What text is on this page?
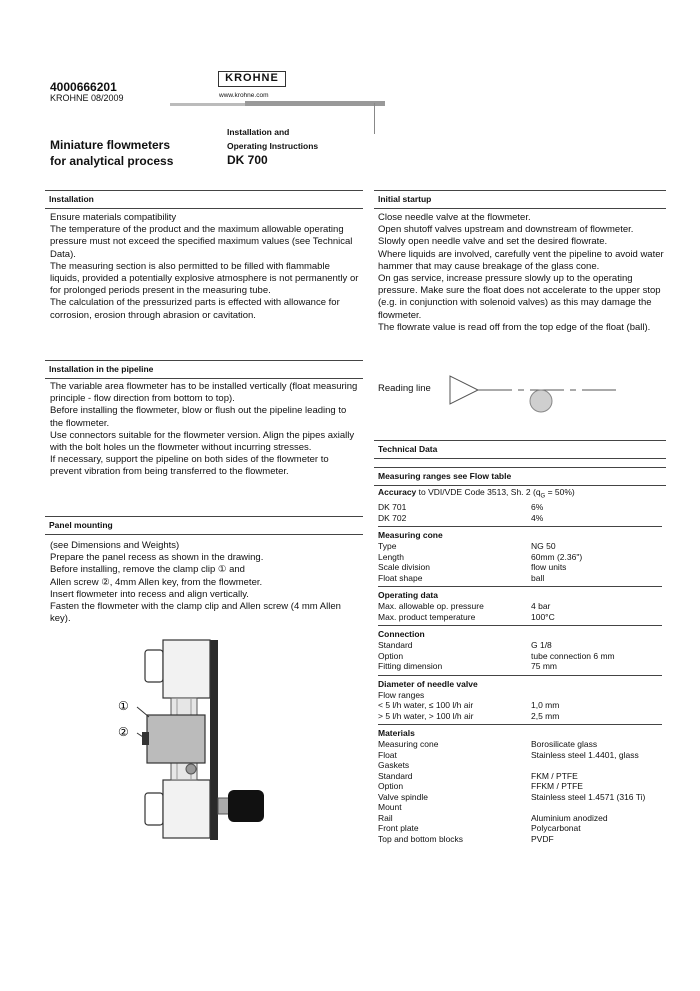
4000666201
KROHNE 08/2009
KROHNE
www.krohne.com
Miniature flowmeters
for analytical process
Installation and
Operating Instructions
DK 700
Installation

Ensure materials compatibility

The temperature of the product and the maximum allowable operating pressure must not exceed the specified maximum values (see Technical Data).

The measuring section is also permitted to be filled with flammable liquids, provided a potentially explosive atmosphere is not permanently or for prolonged periods present in the measuring tube.

The calculation of the pressurized parts is effected with allowance for corrosion, erosion through abrasion or cavitation.

Installation in the pipeline

The variable area flowmeter has to be installed vertically (float measuring principle - flow direction from bottom to top).

Before installing the flowmeter, blow or flush out the pipeline leading to the flowmeter.

Use connectors suitable for the flowmeter version. Align the pipes axially with the bolt holes un the flowmeter without incurring stresses.

If necessary, support the pipeline on both sides of the flowmeter to prevent vibration from being transferred to the flowmeter.

Panel mounting

(see Dimensions and Weights)

Prepare the panel recess as shown in the drawing.

Before installing, remove the clamp clip ① and

Allen screw ②, 4mm Allen key, from the flowmeter.

Insert flowmeter into recess and align vertically.

Fasten the flowmeter with the clamp clip and Allen screw (4 mm Allen key).

①
②
Initial startup

Close needle valve at the flowmeter.

Open shutoff valves upstream and downstream of flowmeter.

Slowly open needle valve and set the desired flowrate.

Where liquids are involved, carefully vent the pipeline to avoid water hammer that may cause breakage of the glass cone.

On gas service, increase pressure slowly up to the operating pressure. Make sure the float does not accelerate to the upper stop (e.g. in conjunction with solenoid valves) as this may damage the flowmeter.

The flowrate value is read off from the top edge of the float (ball).

Reading line
Technical Data
Measuring ranges see Flow table
Accuracy to VDI/VDE Code 3513, Sh. 2 $(q_G = 50\%)$
DK 701	6%
DK 702	4%
Measuring cone
Type	NG 50
Length	60mm (2.36")
Scale division	flow units
Float shape	ball
Operating data
Max. allowable op. pressure	4 bar
Max. product temperature	100°C
Connection
Standard	G 1/8
Option	tube connection 6 mm
Fitting dimension	75 mm
Diameter of needle valve
Flow ranges
< 5 l/h water, ≤ 100 l/h air	1,0 mm
> 5 l/h water, > 100 l/h air	2,5 mm
Materials
Measuring cone	Borosilicate glass
Float	Stainless steel 1.4401, glass
Gaskets
Standard	FKM / PTFE
Option	FFKM / PTFE
Valve spindle	Stainless steel 1.4571 (316 Ti)
Mount
Rail	Aluminium anodized
Front plate	Polycarbonat
Top and bottom blocks	PVDF
